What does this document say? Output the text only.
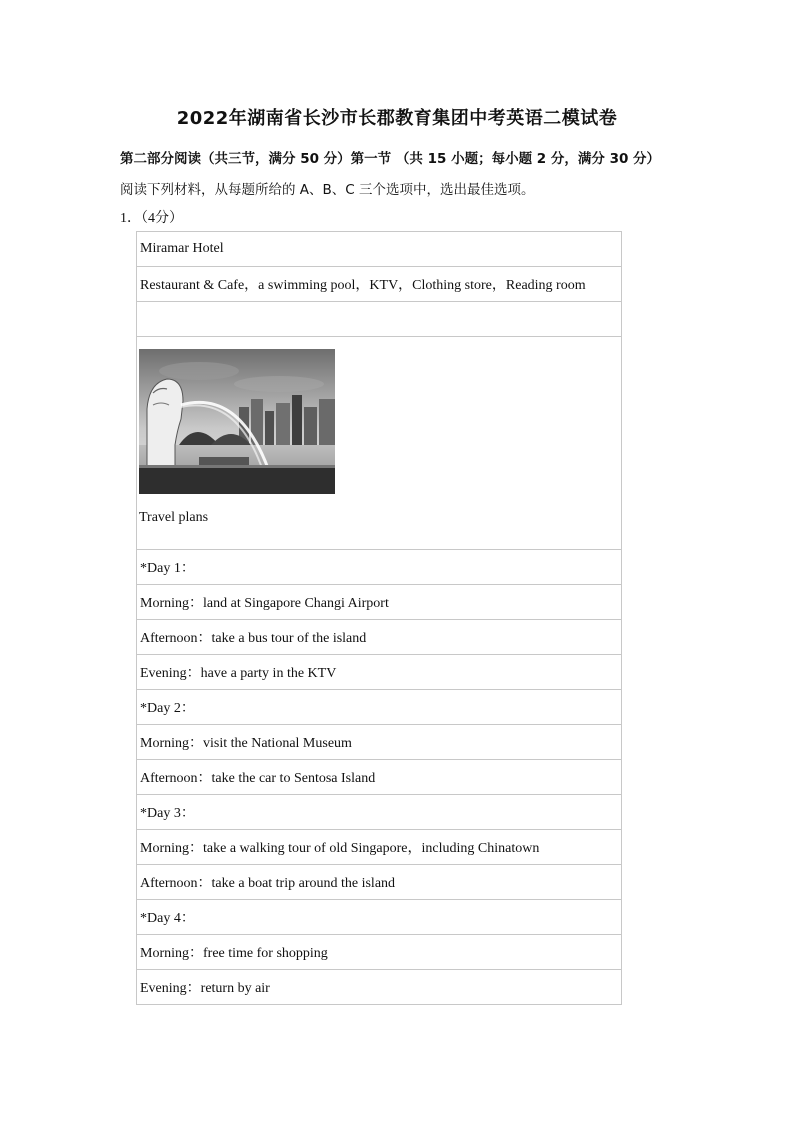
2022年湖南省长沙市长郡教育集团中考英语二模试卷
第二部分阅读（共三节，满分 50 分）第一节 （共 15 小题；每小题 2 分，满分 30 分）
阅读下列材料，从每题所给的 A、B、C 三个选项中，选出最佳选项。
1．（4分）
Miramar Hotel
Restaurant & Cafe，a swimming pool，KTV，Clothing store，Reading room

Travel plans

*Day 1：
Morning：land at Singapore Changi Airport
Afternoon：take a bus tour of the island
Evening：have a party in the KTV
*Day 2：
Morning：visit the National Museum
Afternoon：take the car to Sentosa Island
*Day 3：
Morning：take a walking tour of old Singapore，including Chinatown
Afternoon：take a boat trip around the island
*Day 4：
Morning：free time for shopping
Evening：return by air
